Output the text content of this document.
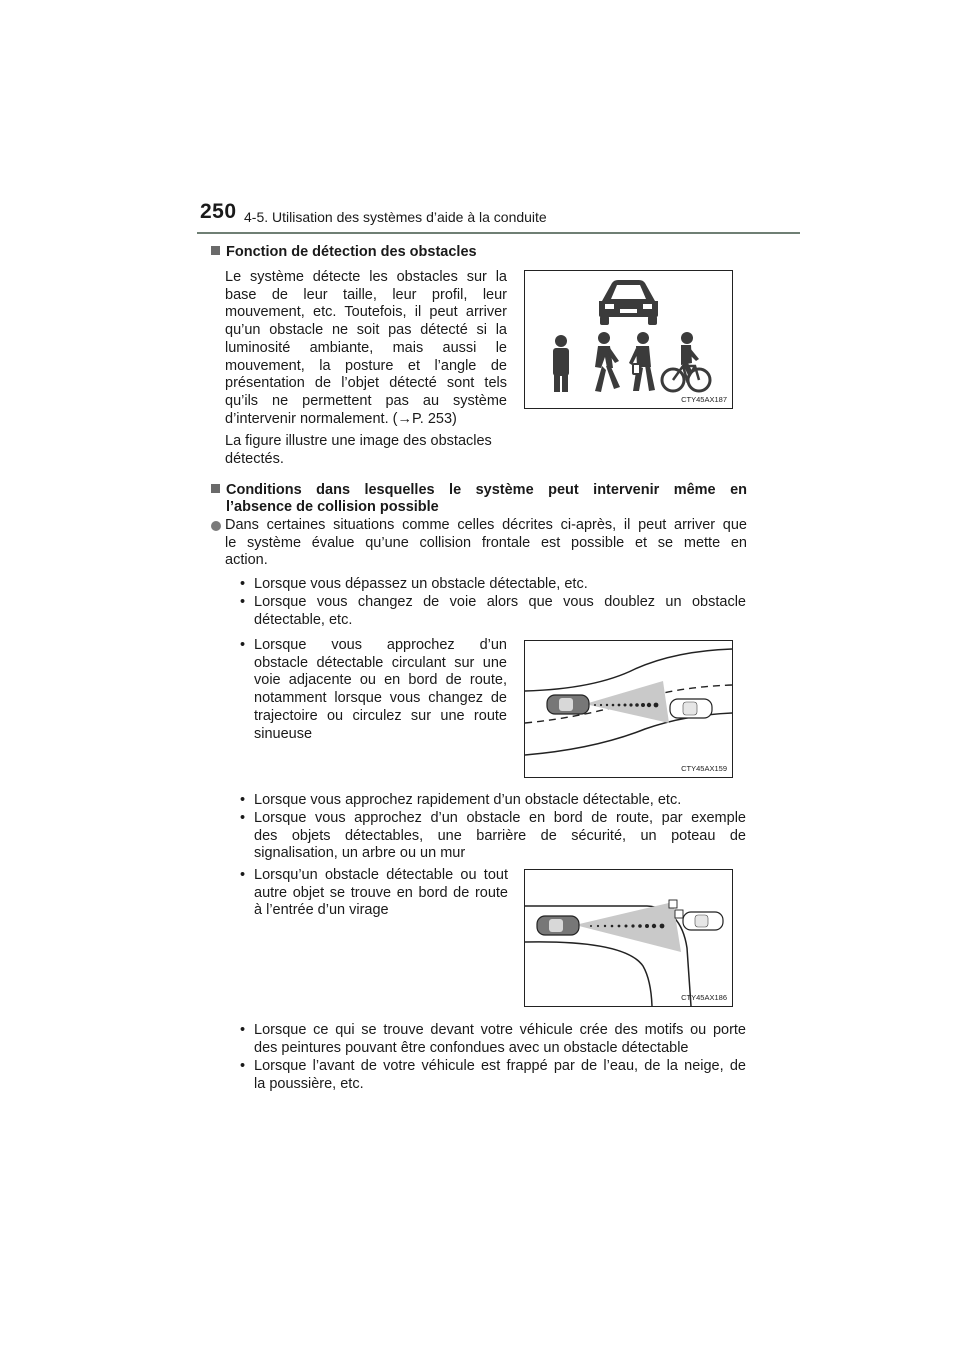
250 4-5. Utilisation des systèmes d’aide à la conduite
Fonction de détection des obstacles
Le système détecte les obstacles sur la
base de leur taille, leur profil, leur
mouvement, etc. Toutefois, il peut arriver
qu’un obstacle ne soit pas détecté si la
luminosité ambiante, mais aussi le
mouvement, la posture et l’angle de
présentation de l’objet détecté sont tels
qu’ils ne permettent pas au système
d’intervenir normalement. (→P. 253)
La figure illustre une image des obstacles
détectés.
CTY45AX187
Conditions dans lesquelles le système peut intervenir même en
l’absence de collision possible
Dans certaines situations comme celles décrites ci-après, il peut arriver que
le système évalue qu’une collision frontale est possible et se mette en
action.
• Lorsque vous dépassez un obstacle détectable, etc.
• Lorsque vous changez de voie alors que vous doublez un obstacle
détectable, etc.
• Lorsque vous approchez d’un
obstacle détectable circulant sur une
voie adjacente ou en bord de route,
notamment lorsque vous changez de
trajectoire ou circulez sur une route
sinueuse
CTY45AX159
• Lorsque vous approchez rapidement d’un obstacle détectable, etc.
• Lorsque vous approchez d’un obstacle en bord de route, par exemple
des objets détectables, une barrière de sécurité, un poteau de
signalisation, un arbre ou un mur
• Lorsqu’un obstacle détectable ou tout
autre objet se trouve en bord de route
à l’entrée d’un virage
CTY45AX186
• Lorsque ce qui se trouve devant votre véhicule crée des motifs ou porte
des peintures pouvant être confondues avec un obstacle détectable
• Lorsque l’avant de votre véhicule est frappé par de l’eau, de la neige, de
la poussière, etc.
